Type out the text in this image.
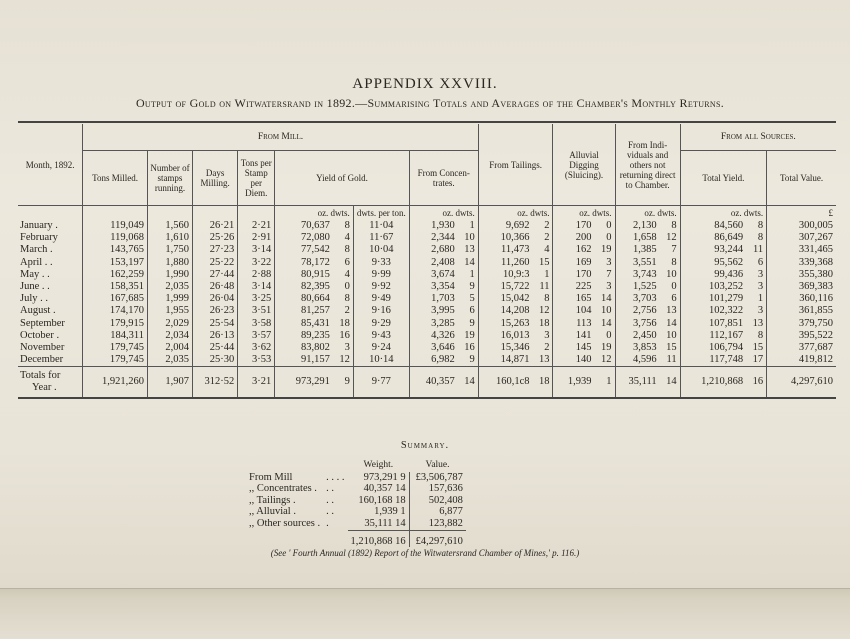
APPENDIX XXVIII.
Output of Gold on Witwatersrand in 1892.—Summarising Totals and Averages of the Chamber's Monthly Returns.
Month, 1892.	From Mill.							From Tailings.	Alluvial Digging (Sluicing).	From Indi-viduals and others not returning direct to Chamber.	From all Sources.	
	Tons Milled.	Number of stamps running.	Days Milling.	Tons per Stamp per Diem.	Yield of Gold.		From Concen-trates.				Total Yield.	Total Value.
					oz. dwts.	dwts. per ton.	oz. dwts.	oz. dwts.	oz. dwts.	oz. dwts.	oz. dwts.	£
January .	119,049	1,560	26·21	2·21	70,637 8	11·04	1,930 1	9,692 2	170 0	2,130 8	84,560 8	300,005
February	119,068	1,610	25·26	2·91	72,080 4	11·67	2,344 10	10,366 2	200 0	1,658 12	86,649 8	307,267
March .	143,765	1,750	27·23	3·14	77,542 8	10·04	2,680 13	11,473 4	162 19	1,385 7	93,244 11	331,465
April . .	153,197	1,880	25·22	3·22	78,172 6	9·33	2,408 14	11,260 15	169 3	3,551 8	95,562 6	339,368
May . .	162,259	1,990	27·44	2·88	80,915 4	9·99	3,674 1	10,9:3 1	170 7	3,743 10	99,436 3	355,380
June . .	158,351	2,035	26·48	3·14	82,395 0	9·92	3,354 9	15,722 11	225 3	1,525 0	103,252 3	369,383
July . .	167,685	1,999	26·04	3·25	80,664 8	9·49	1,703 5	15,042 8	165 14	3,703 6	101,279 1	360,116
August .	174,170	1,955	26·23	3·51	81,257 2	9·16	3,995 6	14,208 12	104 10	2,756 13	102,322 3	361,855
September	179,915	2,029	25·54	3·58	85,431 18	9·29	3,285 9	15,263 18	113 14	3,756 14	107,851 13	379,750
October .	184,311	2,034	26·13	3·57	89,235 16	9·43	4,326 19	16,013 3	141 0	2,450 10	112,167 8	395,522
November	179,745	2,004	25·44	3·62	83,802 3	9·24	3,646 16	15,346 2	145 19	3,853 15	106,794 15	377,687
December	179,745	2,035	25·30	3·53	91,157 12	10·14	6,982 9	14,871 13	140 12	4,596 11	117,748 17	419,812

Totals for
Year .	1,921,260	1,907	312·52	3·21	973,291 9	9·77	40,357 14	160,1c8 18	1,939 1	35,111 14	1,210,868 16	4,297,610
Summary.
		Weight.	Value.
From Mill	. . . .	973,291 9	£3,506,787
,, Concentrates .	. .	40,357 14	157,636
,, Tailings .	. .	160,168 18	502,408
,, Alluvial .	. .	1,939 1	6,877
,, Other sources .	.	35,111 14	123,882
		1,210,868 16	£4,297,610
(See ' Fourth Annual (1892) Report of the Witwatersrand Chamber of Mines,' p. 116.)
